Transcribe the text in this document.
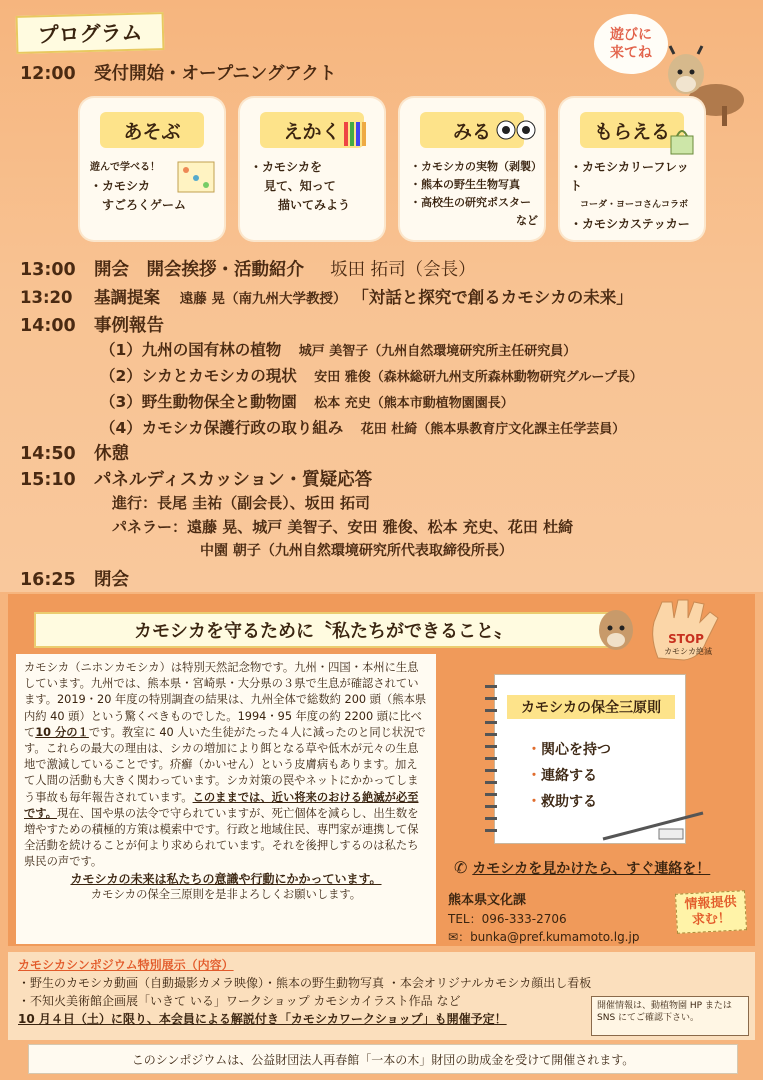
プログラム	遊びに
来てね
12:00 受付開始・オープニングアクト
あそぶ
遊んで学べる！
・カモシカ
すごろくゲーム
えかく
・カモシカを
見て、知って
描いてみよう
みる
・カモシカの実物（剥製）
・熊本の野生生物写真
・高校生の研究ポスター
など
もらえる
・カモシカリーフレット
コーダ・ヨーコさんコラボ
・カモシカステッカー
13:00 開会　開会挨拶・活動紹介 坂田 拓司（会長）
13:20 基調提案 遠藤 晃（南九州大学教授） 「対話と探究で創るカモシカの未来」
14:00 事例報告
（1）九州の国有林の植物 城戸 美智子（九州自然環境研究所主任研究員）
（2）シカとカモシカの現状 安田 雅俊（森林総研九州支所森林動物研究グループ長）
（3）野生動物保全と動物園 松本 充史（熊本市動植物園園長）
（4）カモシカ保護行政の取り組み 花田 杜綺（熊本県教育庁文化課主任学芸員）
14:50 休憩
15:10 パネルディスカッション・質疑応答
進行：長尾 圭祐（副会長）、坂田 拓司
パネラー：遠藤 晃、城戸 美智子、安田 雅俊、松本 充史、花田 杜綺
中園 朝子（九州自然環境研究所代表取締役所長）
16:25 閉会
カモシカを守るために〝私たちができること〟	STOP
カモシカ絶滅
カモシカ（ニホンカモシカ）は特別天然記念物です。九州・四国・本州に生息しています。九州では、熊本県・宮崎県・大分県の３県で生息が確認されています。2019・20 年度の特別調査の結果は、九州全体で総数約 200 頭（熊本県内約 40 頭）という驚くべきものでした。1994・95 年度の約 2200 頭に比べて10 分の１です。教室に 40 人いた生徒がたった４人に減ったのと同じ状況です。これらの最大の理由は、シカの増加により餌となる草や低木が元々の生息地で激減していることです。疥癬（かいせん）という皮膚病もあります。加えて人間の活動も大きく関わっています。シカ対策の罠やネットにかかってしまう事故も毎年報告されています。このままでは、近い将来のおける絶滅が必至です。現在、国や県の法令で守られていますが、死亡個体を減らし、出生数を増やすための積極的方策は模索中です。行政と地域住民、専門家が連携して保全活動を続けることが何より求められています。それを後押しするのは私たち県民の声です。
カモシカの未来は私たちの意識や行動にかかっています。
カモシカの保全三原則を是非よろしくお願いします。
カモシカの保全三原則
・ 関心を持つ
・ 連絡する
・ 救助する
✆ カモシカを見かけたら、すぐ連絡を！
熊本県文化課
TEL：096-333-2706
✉：bunka@pref.kumamoto.lg.jp
情報提供
求む！
カモシカシンポジウム特別展示（内容）
・野生のカモシカ動画（自動撮影カメラ映像）・熊本の野生動物写真 ・本会オリジナルカモシカ顔出し看板
・不知火美術館企画展「いきて いる」ワークショップ カモシカイラスト作品 など
10 月４日（土）に限り、本会員による解説付き「カモシカワークショップ」も開催予定！
開催情報は、動植物園 HP または SNS にてご確認下さい。
このシンポジウムは、公益財団法人再春館「一本の木」財団の助成金を受けて開催されます。
